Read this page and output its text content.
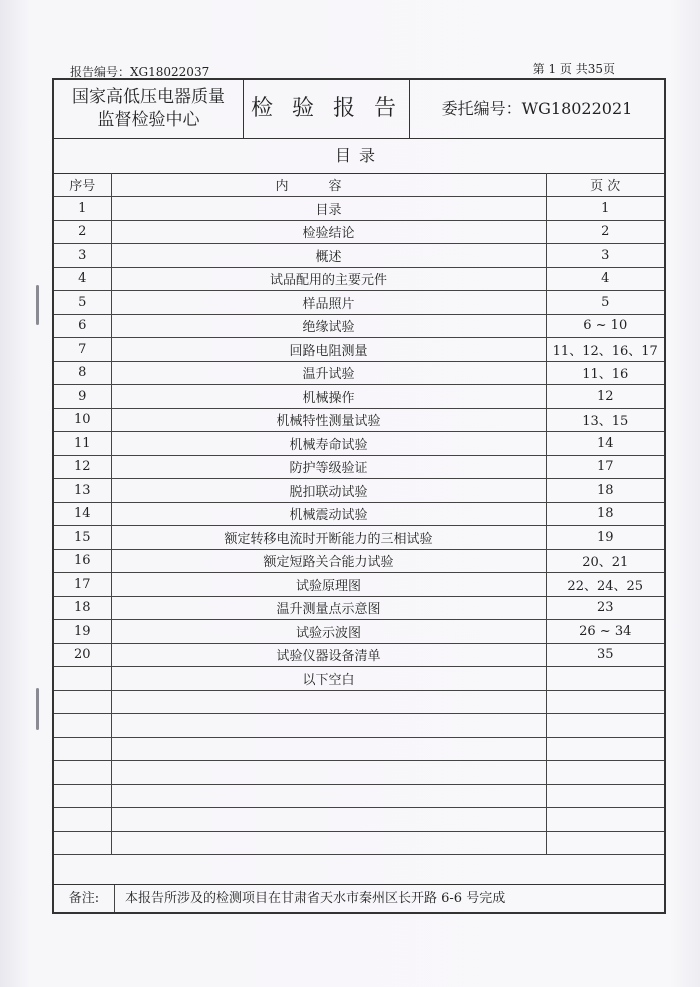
报告编号：XG18022037	第 1 页 共35页
国家高低压电器质量
监督检验中心	检 验 报 告	委托编号：WG18022021
目录
序号	内容	页 次
1	目录	1
2	检验结论	2
3	概述	3
4	试品配用的主要元件	4
5	样品照片	5
6	绝缘试验	6 ~ 10
7	回路电阻测量	11、12、16、17
8	温升试验	11、16
9	机械操作	12
10	机械特性测量试验	13、15
11	机械寿命试验	14
12	防护等级验证	17
13	脱扣联动试验	18
14	机械震动试验	18
15	额定转移电流时开断能力的三相试验	19
16	额定短路关合能力试验	20、21
17	试验原理图	22、24、25
18	温升测量点示意图	23
19	试验示波图	26 ~ 34
20	试验仪器设备清单	35
	以下空白	

备注:	本报告所涉及的检测项目在甘肃省天水市秦州区长开路 6-6 号完成
